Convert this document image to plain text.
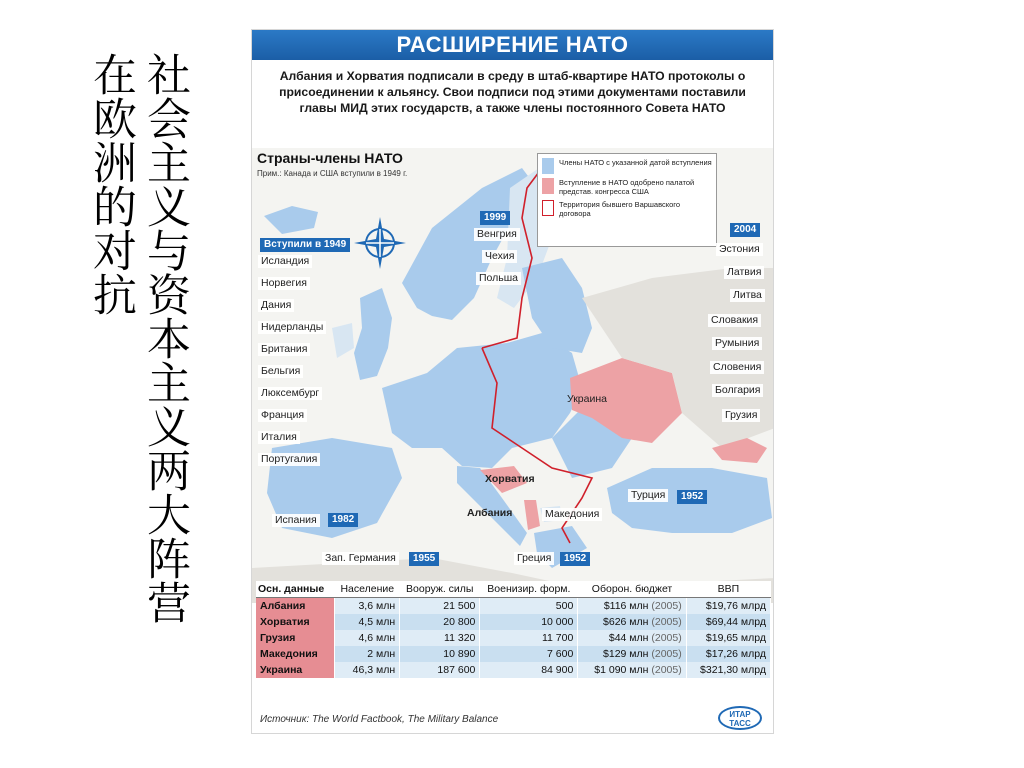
社会主义与资本主义两大阵营
在欧洲的对抗
РАСШИРЕНИЕ НАТО
Албания и Хорватия подписали в среду в штаб-квартире НАТО протоколы о присоединении к альянсу. Свои подписи под этими документами поставили главы МИД этих государств, а также члены постоянного Совета НАТО
Страны-члены НАТО
Прим.: Канада и США вступили в 1949 г.
Члены НАТО с указанной датой вступления
Вступление в НАТО одобрено палатой предстaв. конгресса США
Территория бывшего Варшавского договора
Вступили в 1949
Исландия
Норвегия
Дания
Нидерланды
Британия
Бельгия
Люксембург
Франция
Италия
Португалия
1999
Венгрия
Чехия
Польша
2004
Эстония
Латвия
Литва
Словакия
Румыния
Словения
Болгария
Украина
Грузия
Хорватия
Албания	Македония
Турция	1952
Испания	1982
Зап. Германия	1955	Греция	1952
Осн. данные	Население	Вооруж. силы	Военизир. форм.	Оборон. бюджет	ВВП
Албания	3,6 млн	21 500	500	$116 млн (2005)	$19,76 млрд
Хорватия	4,5 млн	20 800	10 000	$626 млн (2005)	$69,44 млрд
Грузия	4,6 млн	11 320	11 700	$44 млн (2005)	$19,65 млрд
Македония	2 млн	10 890	7 600	$129 млн (2005)	$17,26 млрд
Украина	46,3 млн	187 600	84 900	$1 090 млн (2005)	$321,30 млрд
Источник: The World Factbook, The Military Balance	ИТАР ТАСС
